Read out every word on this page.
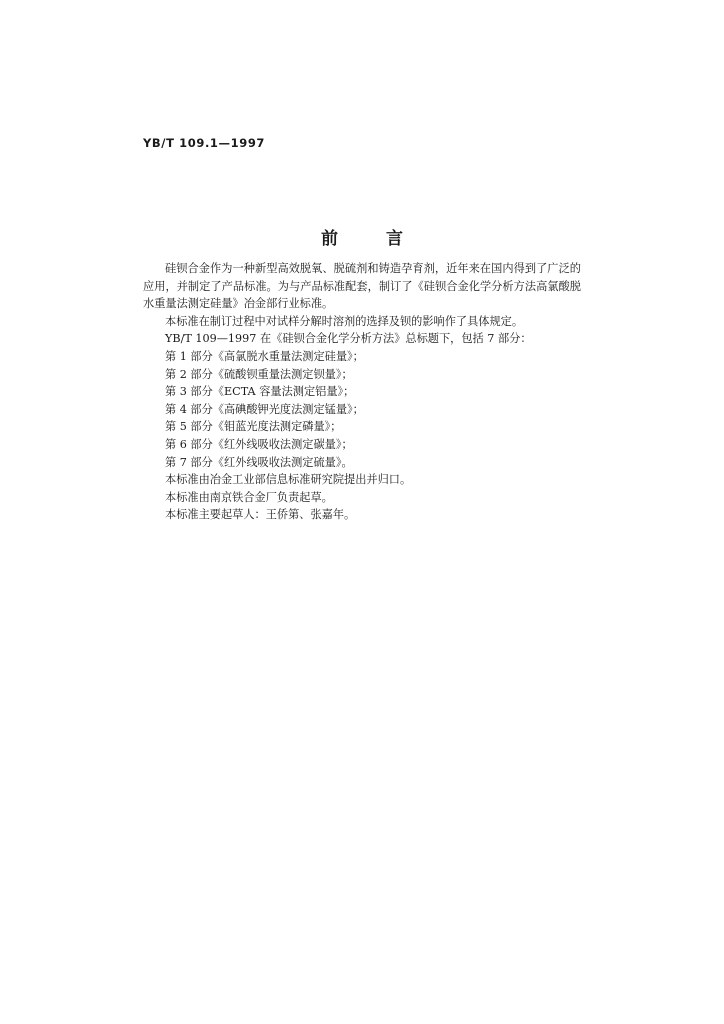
YB/T 109.1—1997
前	言

硅钡合金作为一种新型高效脱氧、脱硫剂和铸造孕育剂，近年来在国内得到了广泛的应用，并制定了产品标准。为与产品标准配套，制订了《硅钡合金化学分析方法高氯酸脱水重量法测定硅量》冶金部行业标准。

本标准在制订过程中对试样分解时溶剂的选择及钡的影响作了具体规定。

YB/T 109—1997 在《硅钡合金化学分析方法》总标题下，包括 7 部分：

第 1 部分《高氯脱水重量法测定硅量》；

第 2 部分《硫酸钡重量法测定钡量》；

第 3 部分《ECTA 容量法测定铝量》；

第 4 部分《高碘酸钾光度法测定锰量》；

第 5 部分《钼蓝光度法测定磷量》；

第 6 部分《红外线吸收法测定碳量》；

第 7 部分《红外线吸收法测定硫量》。

本标准由冶金工业部信息标准研究院提出并归口。

本标准由南京铁合金厂负责起草。

本标准主要起草人：王侨第、张嘉年。
